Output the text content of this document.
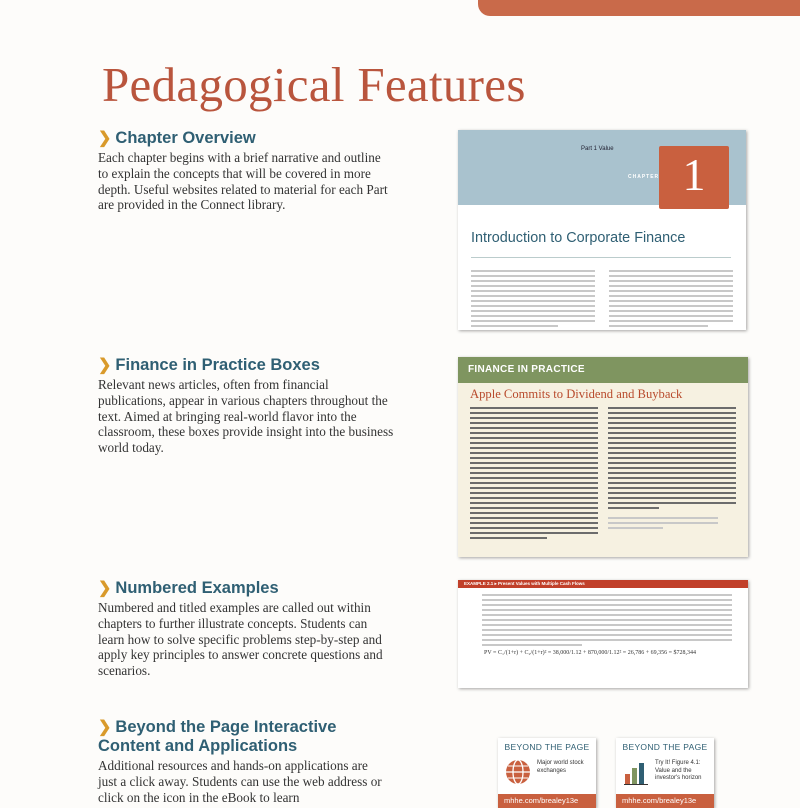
Pedagogical Features
❯ Chapter Overview

Each chapter begins with a brief narrative and outline to explain the concepts that will be covered in more depth. Useful websites related to material for each Part are provided in the Connect library.

❯ Finance in Practice Boxes

Relevant news articles, often from financial publications, appear in various chapters throughout the text. Aimed at bringing real-world flavor into the classroom, these boxes provide insight into the business world today.

❯ Numbered Examples

Numbered and titled examples are called out within chapters to further illustrate concepts. Students can learn how to solve specific problems step-by-step and apply key principles to answer concrete questions and scenarios.

❯ Beyond the Page Interactive Content and Applications

Additional resources and hands-on applications are just a click away. Students can use the web address or click on the icon in the eBook to learn

Part 1 Value
CHAPTER 1
Introduction to Corporate Finance
FINANCE IN PRACTICE
Apple Commits to Dividend and Buyback
EXAMPLE 2.1 ▸ Present Values with Multiple Cash Flows
PV = C₁/(1+r) + C₂/(1+r)² = 38,000/1.12 + 870,000/1.12² = 26,786 + 69,356 = $728,344
BEYOND THE PAGE
Major world stock exchanges
mhhe.com/brealey13e
BEYOND THE PAGE
Try It! Figure 4.1: Value and the investor's horizon
mhhe.com/brealey13e
